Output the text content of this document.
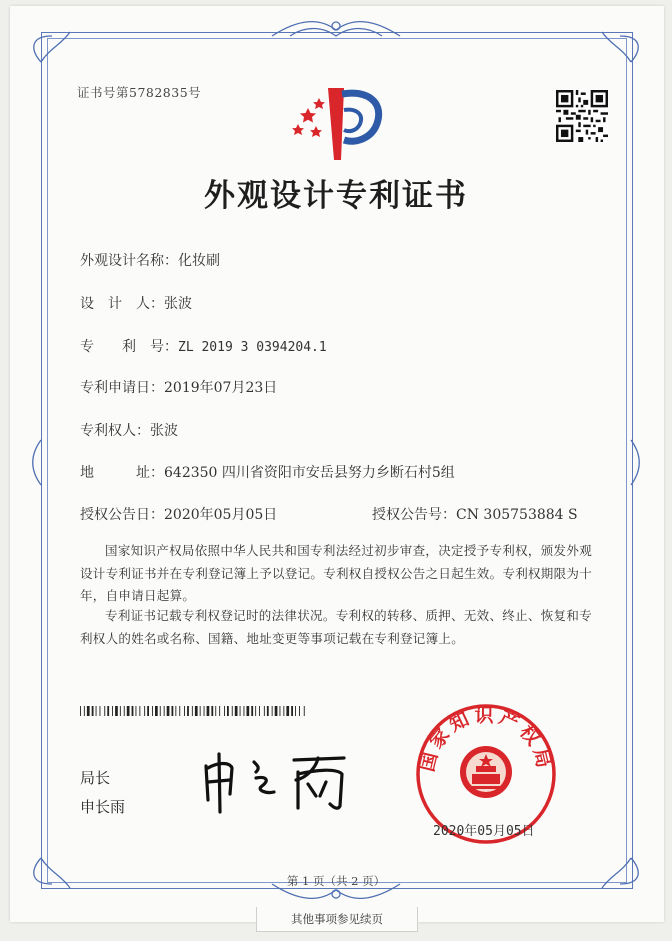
证书号第5782835号
外观设计专利证书
外观设计名称：化妆刷
设　计　人：张波
专　　利　号：ZL 2019 3 0394204.1
专利申请日：2019年07月23日
专利权人：张波
地　　　址：642350 四川省资阳市安岳县努力乡断石村5组
授权公告日：2020年05月05日	授权公告号：CN 305753884 S
国家知识产权局依照中华人民共和国专利法经过初步审查，决定授予专利权，颁发外观设计专利证书并在专利登记簿上予以登记。专利权自授权公告之日起生效。专利权期限为十年，自申请日起算。
专利证书记载专利权登记时的法律状况。专利权的转移、质押、无效、终止、恢复和专利权人的姓名或名称、国籍、地址变更等事项记载在专利登记簿上。
局长
申长雨
国家知识产权局
2020年05月05日
第 1 页（共 2 页）
其他事项参见续页
